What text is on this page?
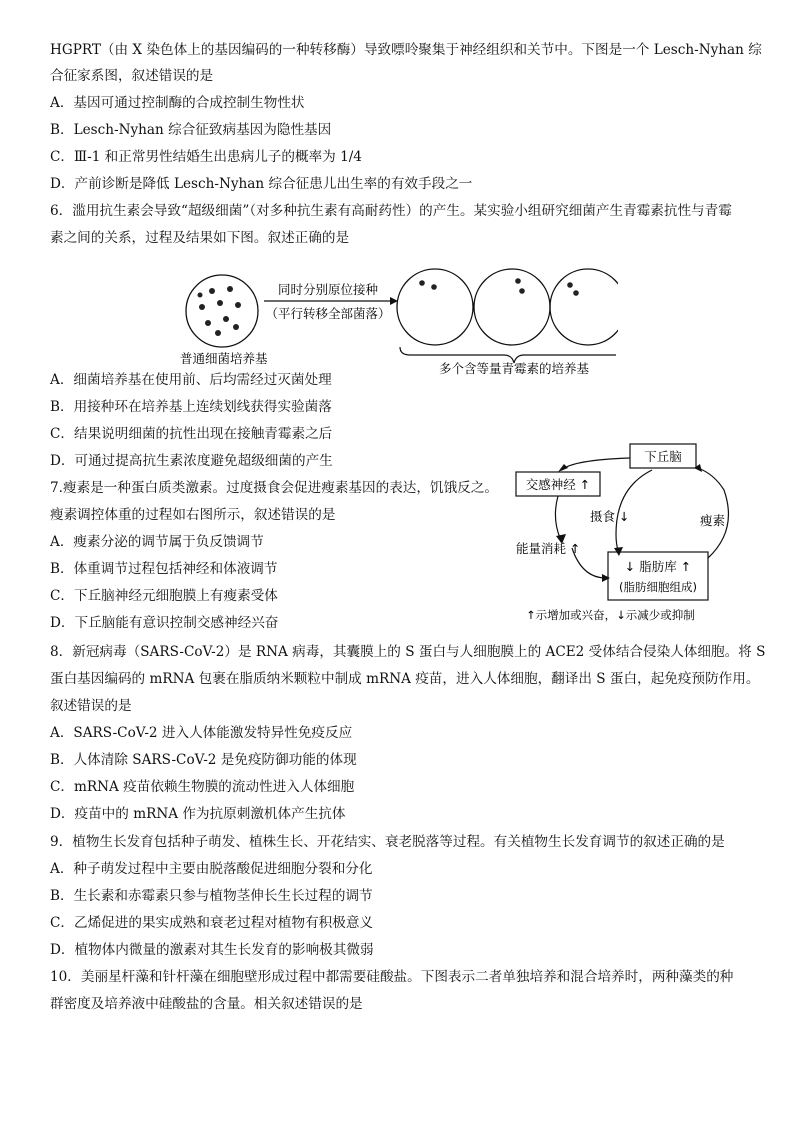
HGPRT（由 X 染色体上的基因编码的一种转移酶）导致嘌呤聚集于神经组织和关节中。下图是一个 Lesch-Nyhan 综
合征家系图，叙述错误的是
A．基因可通过控制酶的合成控制生物性状
B．Lesch-Nyhan 综合征致病基因为隐性基因
C．Ⅲ-1 和正常男性结婚生出患病儿子的概率为 1/4
D．产前诊断是降低 Lesch-Nyhan 综合征患儿出生率的有效手段之一
6．滥用抗生素会导致“超级细菌”（对多种抗生素有高耐药性）的产生。某实验小组研究细菌产生青霉素抗性与青霉
素之间的关系，过程及结果如下图。叙述正确的是
A．细菌培养基在使用前、后均需经过灭菌处理
B．用接种环在培养基上连续划线获得实验菌落
C．结果说明细菌的抗性出现在接触青霉素之后
D．可通过提高抗生素浓度避免超级细菌的产生
7.瘦素是一种蛋白质类激素。过度摄食会促进瘦素基因的表达，饥饿反之。
瘦素调控体重的过程如右图所示，叙述错误的是
A．瘦素分泌的调节属于负反馈调节
B．体重调节过程包括神经和体液调节
C．下丘脑神经元细胞膜上有瘦素受体
D．下丘脑能有意识控制交感神经兴奋
8．新冠病毒（SARS-CoV-2）是 RNA 病毒，其囊膜上的 S 蛋白与人细胞膜上的 ACE2 受体结合侵染人体细胞。将 S
蛋白基因编码的 mRNA 包裹在脂质纳米颗粒中制成 mRNA 疫苗，进入人体细胞，翻译出 S 蛋白，起免疫预防作用。
叙述错误的是
A．SARS-CoV-2 进入人体能激发特异性免疫反应
B．人体清除 SARS-CoV-2 是免疫防御功能的体现
C．mRNA 疫苗依赖生物膜的流动性进入人体细胞
D．疫苗中的 mRNA 作为抗原刺激机体产生抗体
9．植物生长发育包括种子萌发、植株生长、开花结实、衰老脱落等过程。有关植物生长发育调节的叙述正确的是
A．种子萌发过程中主要由脱落酸促进细胞分裂和分化
B．生长素和赤霉素只参与植物茎伸长生长过程的调节
C．乙烯促进的果实成熟和衰老过程对植物有积极意义
D．植物体内微量的激素对其生长发育的影响极其微弱
10．美丽星杆藻和针杆藻在细胞壁形成过程中都需要硅酸盐。下图表示二者单独培养和混合培养时，两种藻类的种
群密度及培养液中硅酸盐的含量。相关叙述错误的是
同时分别原位接种
（平行转移全部菌落）
普通细菌培养基
多个含等量青霉素的培养基
下丘脑
交感神经 ↑
↓ 脂肪库 ↑
(脂肪细胞组成)
摄食 ↓
能量消耗 ↑
瘦素
↑示增加或兴奋，↓示减少或抑制
